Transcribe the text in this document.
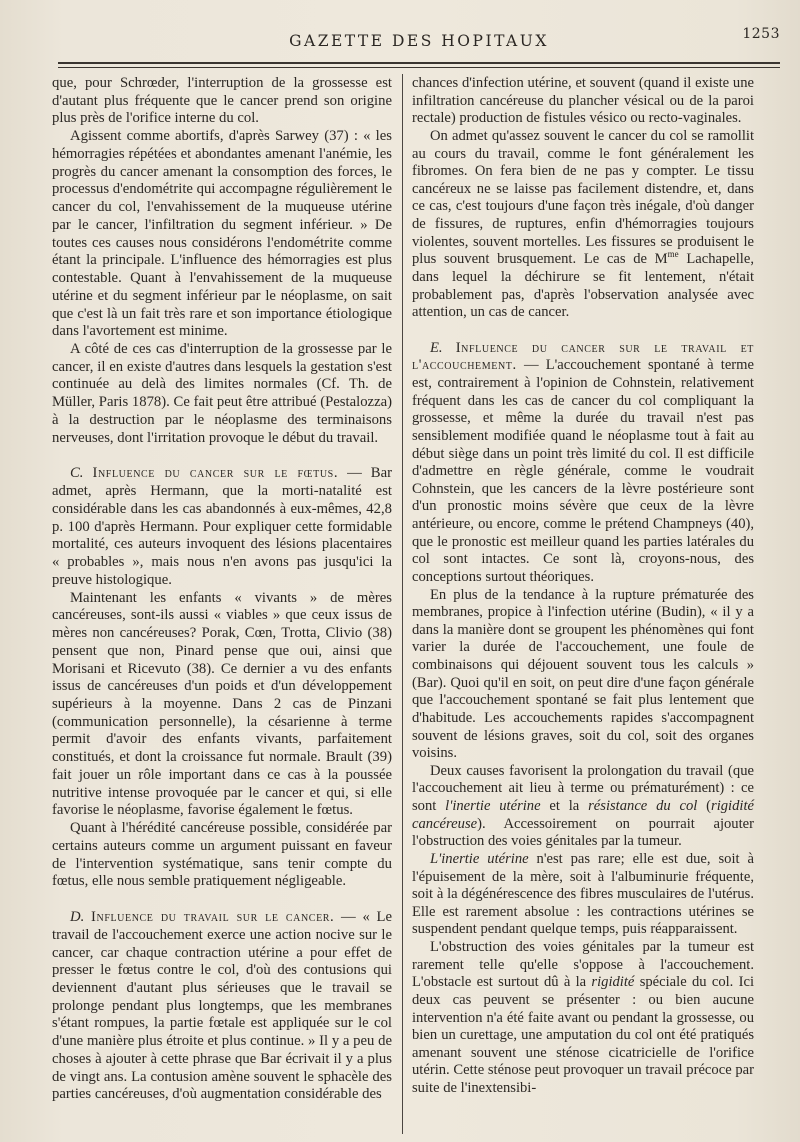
GAZETTE DES HOPITAUX	1253

que, pour Schrœder, l'interruption de la grossesse est d'autant plus fréquente que le cancer prend son origine plus près de l'orifice interne du col.

Agissent comme abortifs, d'après Sarwey (37) : « les hémorragies répétées et abondantes amenant l'anémie, les progrès du cancer amenant la consomption des forces, le processus d'endométrite qui accompagne régulièrement le cancer du col, l'envahissement de la muqueuse utérine par le cancer, l'infiltration du segment inférieur. » De toutes ces causes nous considérons l'endométrite comme étant la principale. L'influence des hémorragies est plus contestable. Quant à l'envahissement de la muqueuse utérine et du segment inférieur par le néoplasme, on sait que c'est là un fait très rare et son importance étiologique dans l'avortement est minime.

A côté de ces cas d'interruption de la grossesse par le cancer, il en existe d'autres dans lesquels la gestation s'est continuée au delà des limites normales (Cf. Th. de Müller, Paris 1878). Ce fait peut être attribué (Pestalozza) à la destruction par le néoplasme des terminaisons nerveuses, dont l'irritation provoque le début du travail.

C. Influence du cancer sur le fœtus. — Bar admet, après Hermann, que la morti-natalité est considérable dans les cas abandonnés à eux-mêmes, 42,8 p. 100 d'après Hermann. Pour expliquer cette formidable mortalité, ces auteurs invoquent des lésions placentaires « probables », mais nous n'en avons pas jusqu'ici la preuve histologique.

Maintenant les enfants « vivants » de mères cancéreuses, sont-ils aussi « viables » que ceux issus de mères non cancéreuses? Porak, Cœn, Trotta, Clivio (38) pensent que non, Pinard pense que oui, ainsi que Morisani et Ricevuto (38). Ce dernier a vu des enfants issus de cancéreuses d'un poids et d'un développement supérieurs à la moyenne. Dans 2 cas de Pinzani (communication personnelle), la césarienne à terme permit d'avoir des enfants vivants, parfaitement constitués, et dont la croissance fut normale. Brault (39) fait jouer un rôle important dans ce cas à la poussée nutritive intense provoquée par le cancer et qui, si elle favorise le néoplasme, favorise également le fœtus.

Quant à l'hérédité cancéreuse possible, considérée par certains auteurs comme un argument puissant en faveur de l'intervention systématique, sans tenir compte du fœtus, elle nous semble pratiquement négligeable.

D. Influence du travail sur le cancer. — « Le travail de l'accouchement exerce une action nocive sur le cancer, car chaque contraction utérine a pour effet de presser le fœtus contre le col, d'où des contusions qui deviennent d'autant plus sérieuses que le travail se prolonge pendant plus longtemps, que les membranes s'étant rompues, la partie fœtale est appliquée sur le col d'une manière plus étroite et plus continue. » Il y a peu de choses à ajouter à cette phrase que Bar écrivait il y a plus de vingt ans. La contusion amène souvent le sphacèle des parties cancéreuses, d'où augmentation considérable des

chances d'infection utérine, et souvent (quand il existe une infiltration cancéreuse du plancher vésical ou de la paroi rectale) production de fistules vésico ou recto-vaginales.

On admet qu'assez souvent le cancer du col se ramollit au cours du travail, comme le font généralement les fibromes. On fera bien de ne pas y compter. Le tissu cancéreux ne se laisse pas facilement distendre, et, dans ce cas, c'est toujours d'une façon très inégale, d'où danger de fissures, de ruptures, enfin d'hémorragies toujours violentes, souvent mortelles. Les fissures se produisent le plus souvent brusquement. Le cas de $M^{me}$ Lachapelle, dans lequel la déchirure se fit lentement, n'était probablement pas, d'après l'observation analysée avec attention, un cas de cancer.

E. Influence du cancer sur le travail et l'accouchement. — L'accouchement spontané à terme est, contrairement à l'opinion de Cohnstein, relativement fréquent dans les cas de cancer du col compliquant la grossesse, et même la durée du travail n'est pas sensiblement modifiée quand le néoplasme tout à fait au début siège dans un point très limité du col. Il est difficile d'admettre en règle générale, comme le voudrait Cohnstein, que les cancers de la lèvre postérieure sont d'un pronostic moins sévère que ceux de la lèvre antérieure, ou encore, comme le prétend Champneys (40), que le pronostic est meilleur quand les parties latérales du col sont intactes. Ce sont là, croyons-nous, des conceptions surtout théoriques.

En plus de la tendance à la rupture prématurée des membranes, propice à l'infection utérine (Budin), « il y a dans la manière dont se groupent les phénomènes qui font varier la durée de l'accouchement, une foule de combinaisons qui déjouent souvent tous les calculs » (Bar). Quoi qu'il en soit, on peut dire d'une façon générale que l'accouchement spontané se fait plus lentement que d'habitude. Les accouchements rapides s'accompagnent souvent de lésions graves, soit du col, soit des organes voisins.

Deux causes favorisent la prolongation du travail (que l'accouchement ait lieu à terme ou prématurément) : ce sont l'inertie utérine et la résistance du col (rigidité cancéreuse). Accessoirement on pourrait ajouter l'obstruction des voies génitales par la tumeur.

L'inertie utérine n'est pas rare; elle est due, soit à l'épuisement de la mère, soit à l'albuminurie fréquente, soit à la dégénérescence des fibres musculaires de l'utérus. Elle est rarement absolue : les contractions utérines se suspendent pendant quelque temps, puis réapparaissent.

L'obstruction des voies génitales par la tumeur est rarement telle qu'elle s'oppose à l'accouchement. L'obstacle est surtout dû à la rigidité spéciale du col. Ici deux cas peuvent se présenter : ou bien aucune intervention n'a été faite avant ou pendant la grossesse, ou bien un curettage, une amputation du col ont été pratiqués amenant souvent une sténose cicatricielle de l'orifice utérin. Cette sténose peut provoquer un travail précoce par suite de l'inextensibi-
